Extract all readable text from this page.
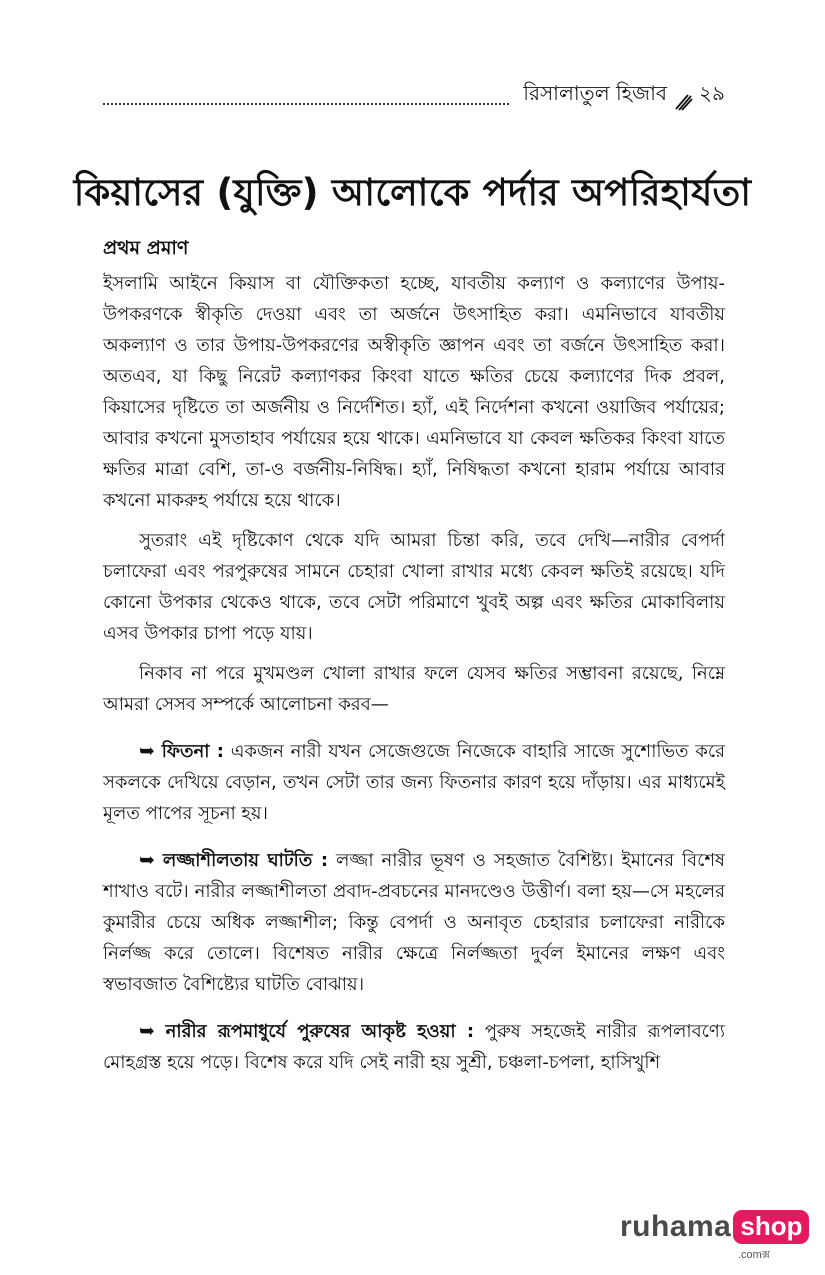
রিসালাতুল হিজাব ২৯
কিয়াসের (যুক্তি) আলোকে পর্দার অপরিহার্যতা

প্রথম প্রমাণ

ইসলামি আইনে কিয়াস বা যৌক্তিকতা হচ্ছে, যাবতীয় কল্যাণ ও কল্যাণের উপায়-উপকরণকে স্বীকৃতি দেওয়া এবং তা অর্জনে উৎসাহিত করা। এমনিভাবে যাবতীয় অকল্যাণ ও তার উপায়-উপকরণের অস্বীকৃতি জ্ঞাপন এবং তা বর্জনে উৎসাহিত করা। অতএব, যা কিছু নিরেট কল্যাণকর কিংবা যাতে ক্ষতির চেয়ে কল্যাণের দিক প্রবল, কিয়াসের দৃষ্টিতে তা অর্জনীয় ও নির্দেশিত। হ্যাঁ, এই নির্দেশনা কখনো ওয়াজিব পর্যায়ের; আবার কখনো মুসতাহাব পর্যায়ের হয়ে থাকে। এমনিভাবে যা কেবল ক্ষতিকর কিংবা যাতে ক্ষতির মাত্রা বেশি, তা-ও বর্জনীয়-নিষিদ্ধ। হ্যাঁ, নিষিদ্ধতা কখনো হারাম পর্যায়ে আবার কখনো মাকরুহ পর্যায়ে হয়ে থাকে।

সুতরাং এই দৃষ্টিকোণ থেকে যদি আমরা চিন্তা করি, তবে দেখি—নারীর বেপর্দা চলাফেরা এবং পরপুরুষের সামনে চেহারা খোলা রাখার মধ্যে কেবল ক্ষতিই রয়েছে। যদি কোনো উপকার থেকেও থাকে, তবে সেটা পরিমাণে খুবই অল্প এবং ক্ষতির মোকাবিলায় এসব উপকার চাপা পড়ে যায়।

নিকাব না পরে মুখমণ্ডল খোলা রাখার ফলে যেসব ক্ষতির সম্ভাবনা রয়েছে, নিম্নে আমরা সেসব সম্পর্কে আলোচনা করব—

➥ ফিতনা : একজন নারী যখন সেজেগুজে নিজেকে বাহারি সাজে সুশোভিত করে সকলকে দেখিয়ে বেড়ান, তখন সেটা তার জন্য ফিতনার কারণ হয়ে দাঁড়ায়। এর মাধ্যমেই মূলত পাপের সূচনা হয়।

➥ লজ্জাশীলতায় ঘাটতি : লজ্জা নারীর ভূষণ ও সহজাত বৈশিষ্ট্য। ইমানের বিশেষ শাখাও বটে। নারীর লজ্জাশীলতা প্রবাদ-প্রবচনের মানদণ্ডেও উত্তীর্ণ। বলা হয়—সে মহলের কুমারীর চেয়ে অধিক লজ্জাশীল; কিন্তু বেপর্দা ও অনাবৃত চেহারার চলাফেরা নারীকে নির্লজ্জ করে তোলে। বিশেষত নারীর ক্ষেত্রে নির্লজ্জতা দুর্বল ইমানের লক্ষণ এবং স্বভাবজাত বৈশিষ্ট্যের ঘাটতি বোঝায়।

➥ নারীর রূপমাধুর্যে পুরুষের আকৃষ্ট হওয়া : পুরুষ সহজেই নারীর রূপলাবণ্যে মোহগ্রস্ত হয়ে পড়ে। বিশেষ করে যদি সেই নারী হয় সুশ্রী, চঞ্চলা-চপলা, হাসিখুশি

ruhama shop
.comক্স
